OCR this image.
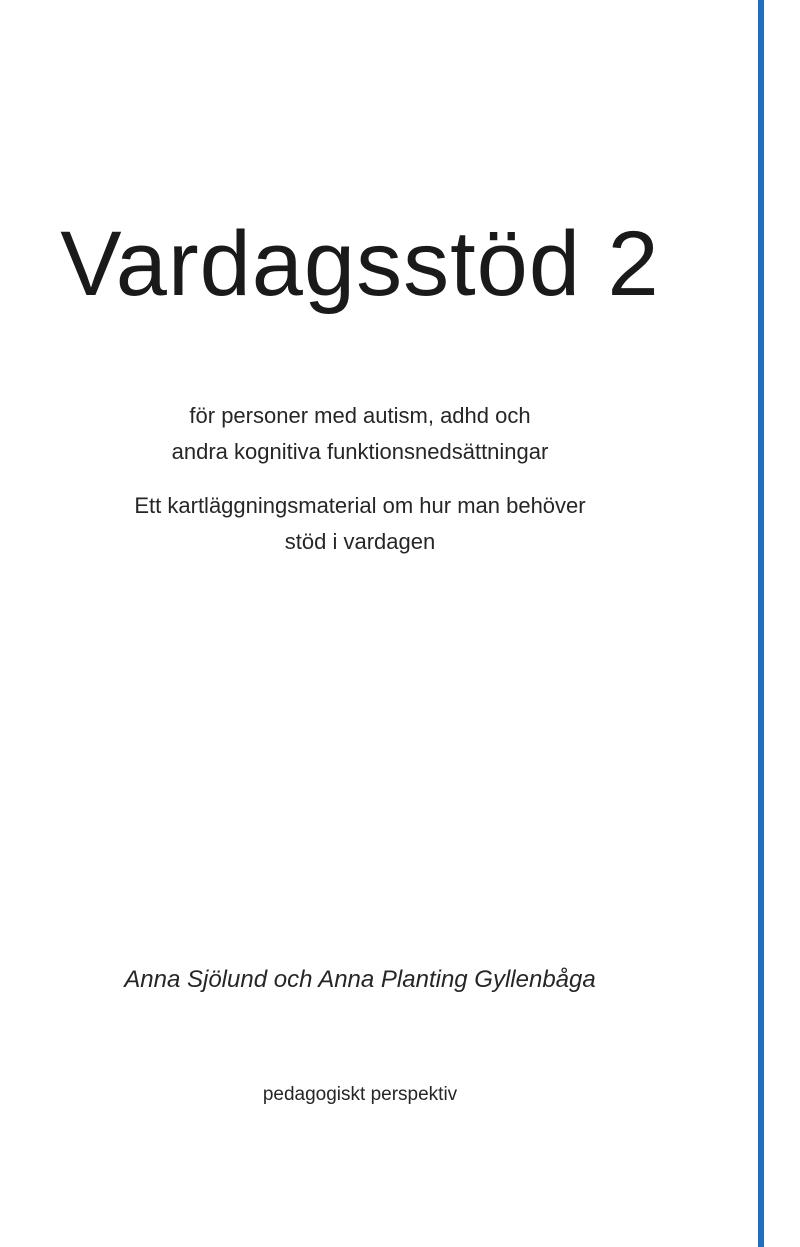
Vardagsstöd 2

för personer med autism, adhd och
andra kognitiva funktionsnedsättningar

Ett kartläggningsmaterial om hur man behöver
stöd i vardagen

Anna Sjölund och Anna Planting Gyllenbåga

pedagogiskt perspektiv
